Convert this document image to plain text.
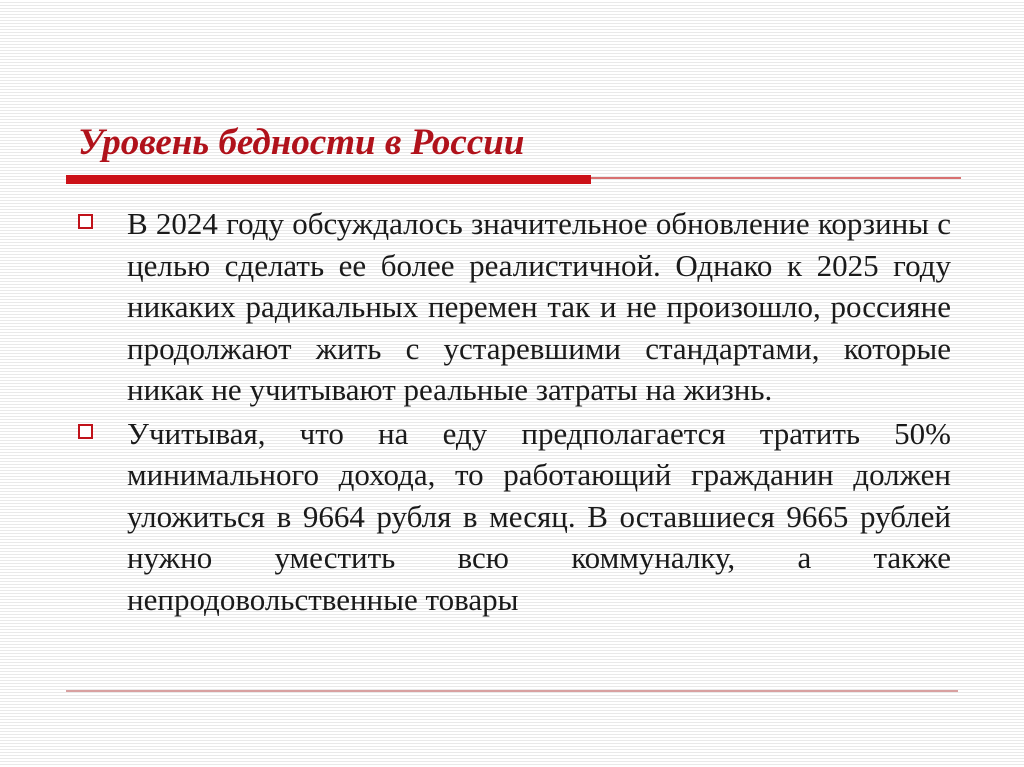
Уровень бедности в России
В 2024 году обсуждалось значительное обновление корзины с целью сделать ее более реалистичной. Однако к 2025 году никаких радикальных перемен так и не произошло, россияне продолжают жить с устаревшими стандартами, которые никак не учитывают реальные затраты на жизнь.
Учитывая, что на еду предполагается тратить 50% минимального дохода, то работающий гражданин должен уложиться в 9664 рубля в месяц. В оставшиеся 9665 рублей нужно уместить всю коммуналку, а также непродовольственные товары
